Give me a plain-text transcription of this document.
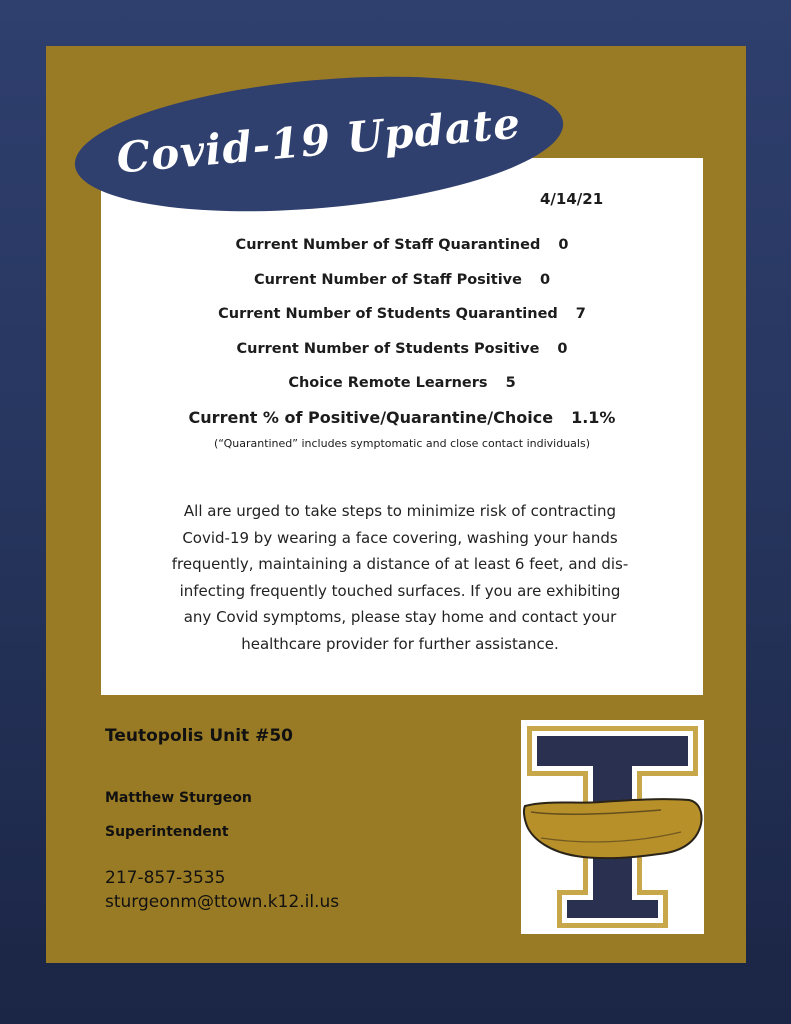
Covid-19 Update
4/14/21
Current Number of Staff Quarantined 0
Current Number of Staff Positive 0
Current Number of Students Quarantined 7
Current Number of Students Positive 0
Choice Remote Learners 5
Current % of Positive/Quarantine/Choice 1.1%
(“Quarantined” includes symptomatic and close contact individuals)
All are urged to take steps to minimize risk of contracting
Covid-19 by wearing a face covering, washing your hands
frequently, maintaining a distance of at least 6 feet, and dis-
infecting frequently touched surfaces. If you are exhibiting
any Covid symptoms, please stay home and contact your
healthcare provider for further assistance.
Teutopolis Unit #50
Matthew Sturgeon
Superintendent
217-857-3535
sturgeonm@ttown.k12.il.us
